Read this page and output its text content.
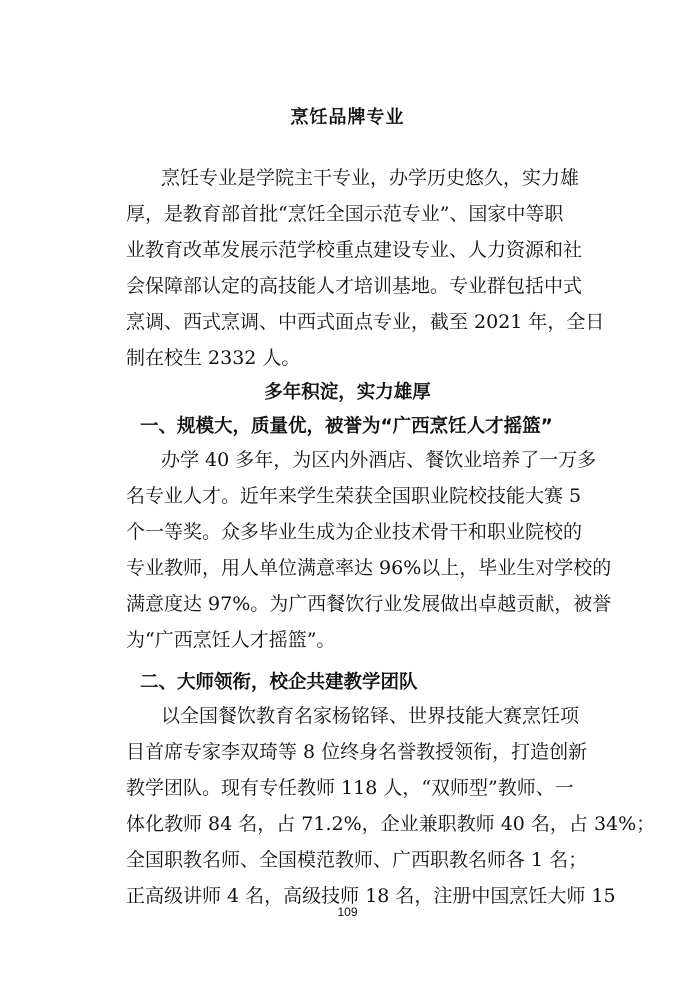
烹饪品牌专业
烹饪专业是学院主干专业，办学历史悠久，实力雄
厚，是教育部首批“烹饪全国示范专业”、国家中等职
业教育改革发展示范学校重点建设专业、人力资源和社
会保障部认定的高技能人才培训基地。专业群包括中式
烹调、西式烹调、中西式面点专业，截至 2021 年，全日
制在校生 2332 人。
多年积淀，实力雄厚
一、规模大，质量优，被誉为“广西烹饪人才摇篮”
办学 40 多年，为区内外酒店、餐饮业培养了一万多
名专业人才。近年来学生荣获全国职业院校技能大赛 5
个一等奖。众多毕业生成为企业技术骨干和职业院校的
专业教师，用人单位满意率达 96%以上，毕业生对学校的
满意度达 97%。为广西餐饮行业发展做出卓越贡献，被誉
为“广西烹饪人才摇篮”。
二、大师领衔，校企共建教学团队
以全国餐饮教育名家杨铭铎、世界技能大赛烹饪项
目首席专家李双琦等 8 位终身名誉教授领衔，打造创新
教学团队。现有专任教师 118 人，“双师型”教师、一
体化教师 84 名，占 71.2%，企业兼职教师 40 名，占 34%；
全国职教名师、全国模范教师、广西职教名师各 1 名；
正高级讲师 4 名，高级技师 18 名，注册中国烹饪大师 15
109
